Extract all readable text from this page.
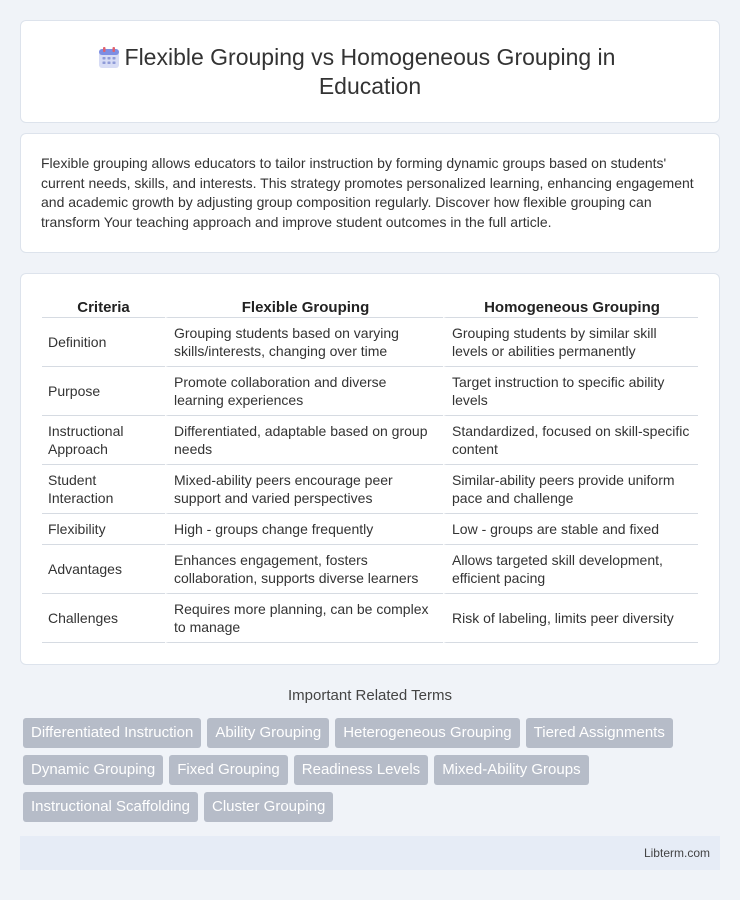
Flexible Grouping vs Homogeneous Grouping in
Education

Flexible grouping allows educators to tailor instruction by forming dynamic groups based on students' current needs, skills, and interests. This strategy promotes personalized learning, enhancing engagement and academic growth by adjusting group composition regularly. Discover how flexible grouping can transform Your teaching approach and improve student outcomes in the full article.

Criteria	Flexible Grouping	Homogeneous Grouping
Definition	Grouping students based on varying skills/interests, changing over time	Grouping students by similar skill levels or abilities permanently
Purpose	Promote collaboration and diverse learning experiences	Target instruction to specific ability levels
Instructional Approach	Differentiated, adaptable based on group needs	Standardized, focused on skill-specific content
Student Interaction	Mixed-ability peers encourage peer support and varied perspectives	Similar-ability peers provide uniform pace and challenge
Flexibility	High - groups change frequently	Low - groups are stable and fixed
Advantages	Enhances engagement, fosters collaboration, supports diverse learners	Allows targeted skill development, efficient pacing
Challenges	Requires more planning, can be complex to manage	Risk of labeling, limits peer diversity
Important Related Terms
Differentiated Instruction	Ability Grouping	Heterogeneous Grouping	Tiered Assignments
Dynamic Grouping	Fixed Grouping	Readiness Levels	Mixed-Ability Groups
Instructional Scaffolding	Cluster Grouping
Libterm.com
